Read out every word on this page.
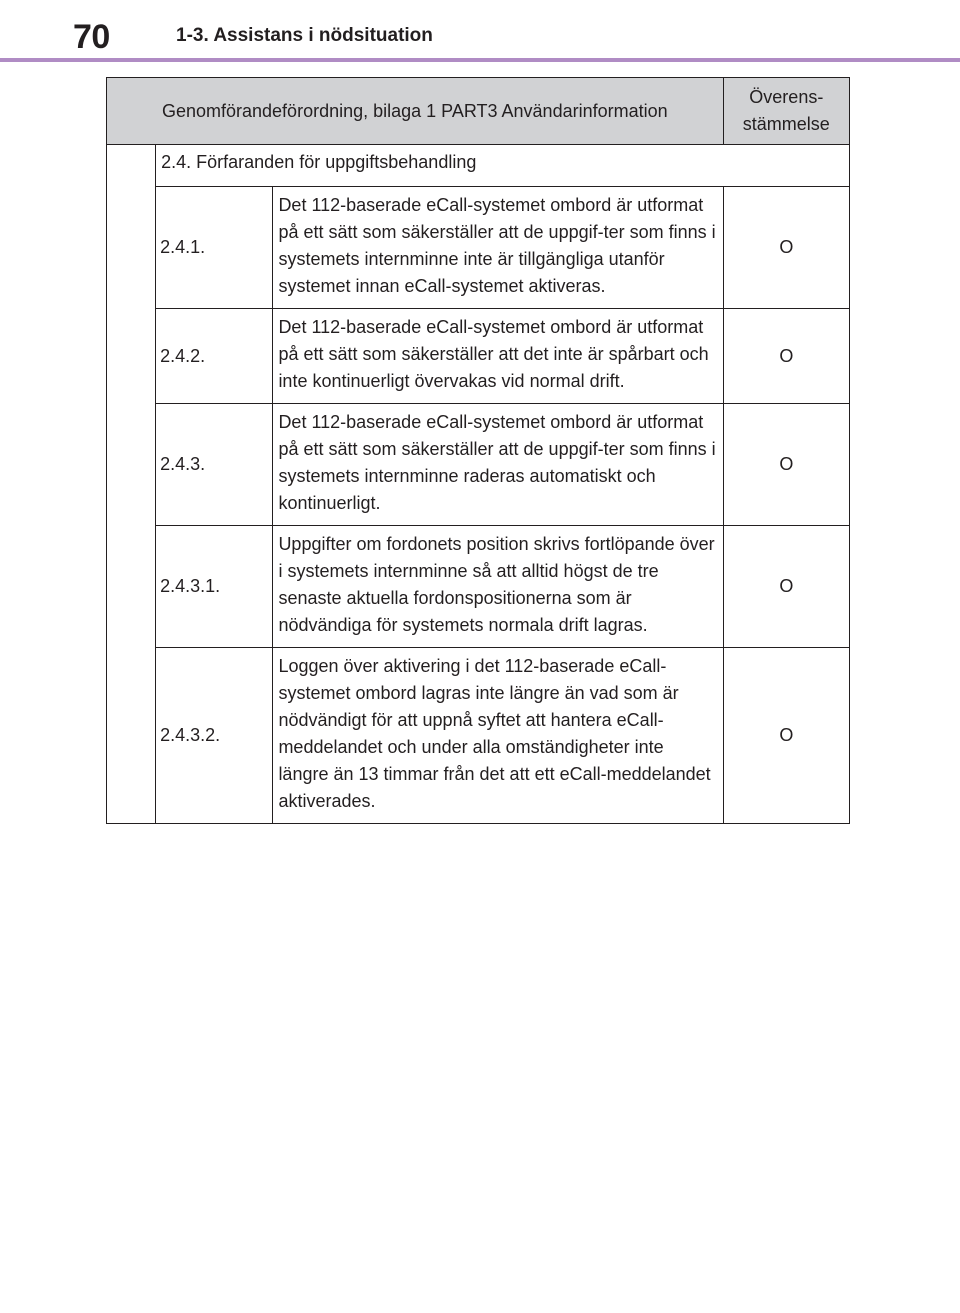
70	1-3. Assistans i nödsituation
Genomförandeförordning, bilaga 1 PART3 Användarinformation			Överens-
stämmelse
	2.4. Förfaranden för uppgiftsbehandling		
	2.4.1.	Det 112-baserade eCall-systemet ombord är utformat på ett sätt som säkerställer att de uppgif-ter som finns i systemets internminne inte är tillgängliga utanför systemet innan eCall-systemet aktiveras.	O
	2.4.2.	Det 112-baserade eCall-systemet ombord är utformat på ett sätt som säkerställer att det inte är spårbart och inte kontinuerligt övervakas vid normal drift.	O
	2.4.3.	Det 112-baserade eCall-systemet ombord är utformat på ett sätt som säkerställer att de uppgif-ter som finns i systemets internminne raderas automatiskt och kontinuerligt.	O
	2.4.3.1.	Uppgifter om fordonets position skrivs fortlöpande över i systemets internminne så att alltid högst de tre senaste aktuella fordonspositionerna som är nödvändiga för systemets normala drift lagras.	O
	2.4.3.2.	Loggen över aktivering i det 112-baserade eCall-systemet ombord lagras inte längre än vad som är nödvändigt för att uppnå syftet att hantera eCall-meddelandet och under alla omständigheter inte längre än 13 timmar från det att ett eCall-meddelandet aktiverades.	O
